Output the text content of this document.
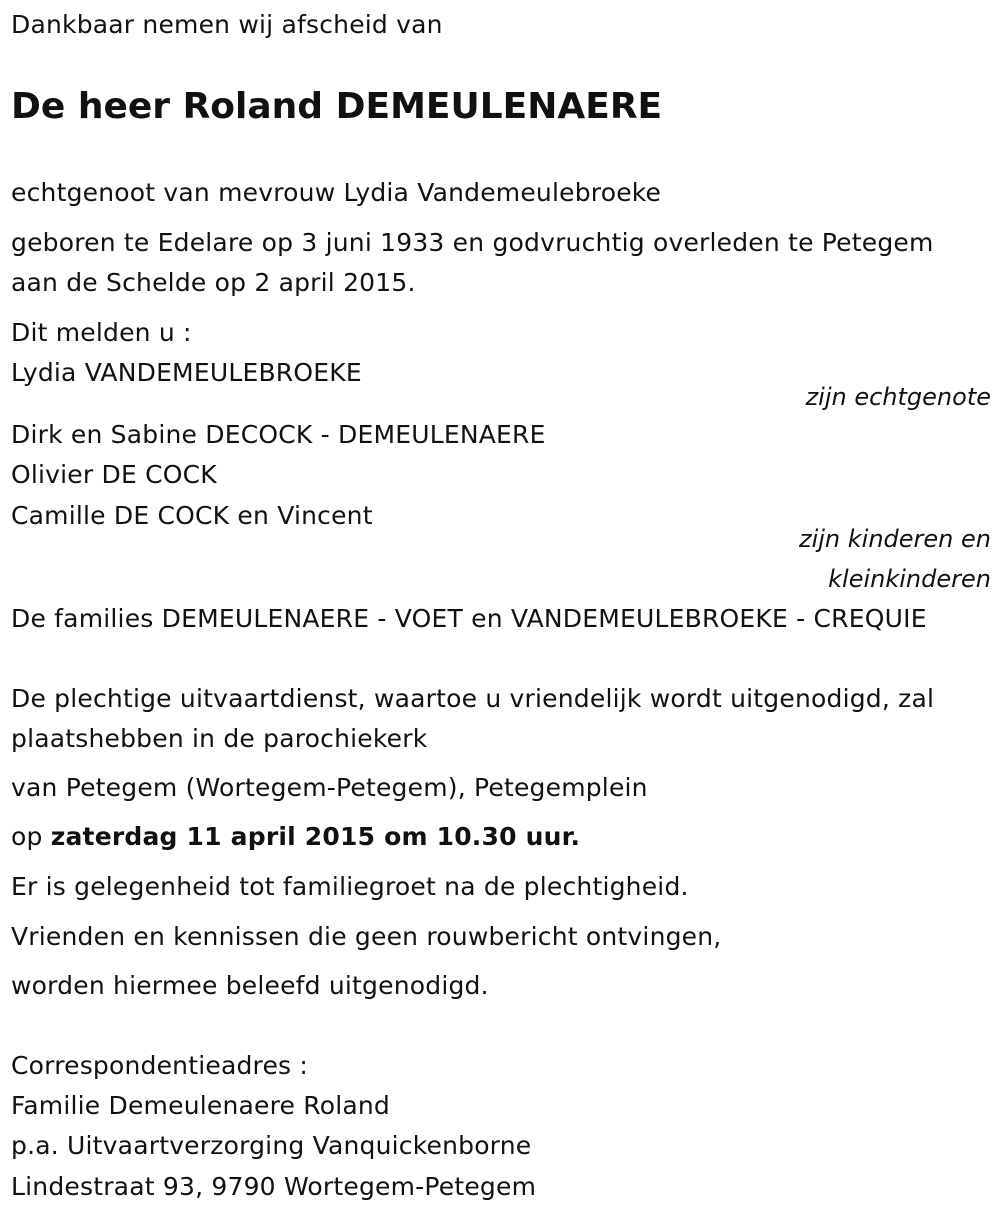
Dankbaar nemen wij afscheid van
De heer Roland DEMEULENAERE
echtgenoot van mevrouw Lydia Vandemeulebroeke
geboren te Edelare op 3 juni 1933 en godvruchtig overleden te Petegem
aan de Schelde op 2 april 2015.
Dit melden u :
Lydia VANDEMEULEBROEKE
zijn echtgenote
Dirk en Sabine DECOCK - DEMEULENAERE
Olivier DE COCK
Camille DE COCK en Vincent
zijn kinderen en
kleinkinderen
De families DEMEULENAERE - VOET en VANDEMEULEBROEKE - CREQUIE
De plechtige uitvaartdienst, waartoe u vriendelijk wordt uitgenodigd, zal
plaatshebben in de parochiekerk
van Petegem (Wortegem-Petegem), Petegemplein
op zaterdag 11 april 2015 om 10.30 uur.
Er is gelegenheid tot familiegroet na de plechtigheid.
Vrienden en kennissen die geen rouwbericht ontvingen,
worden hiermee beleefd uitgenodigd.
Correspondentieadres :
Familie Demeulenaere Roland
p.a. Uitvaartverzorging Vanquickenborne
Lindestraat 93, 9790 Wortegem-Petegem
